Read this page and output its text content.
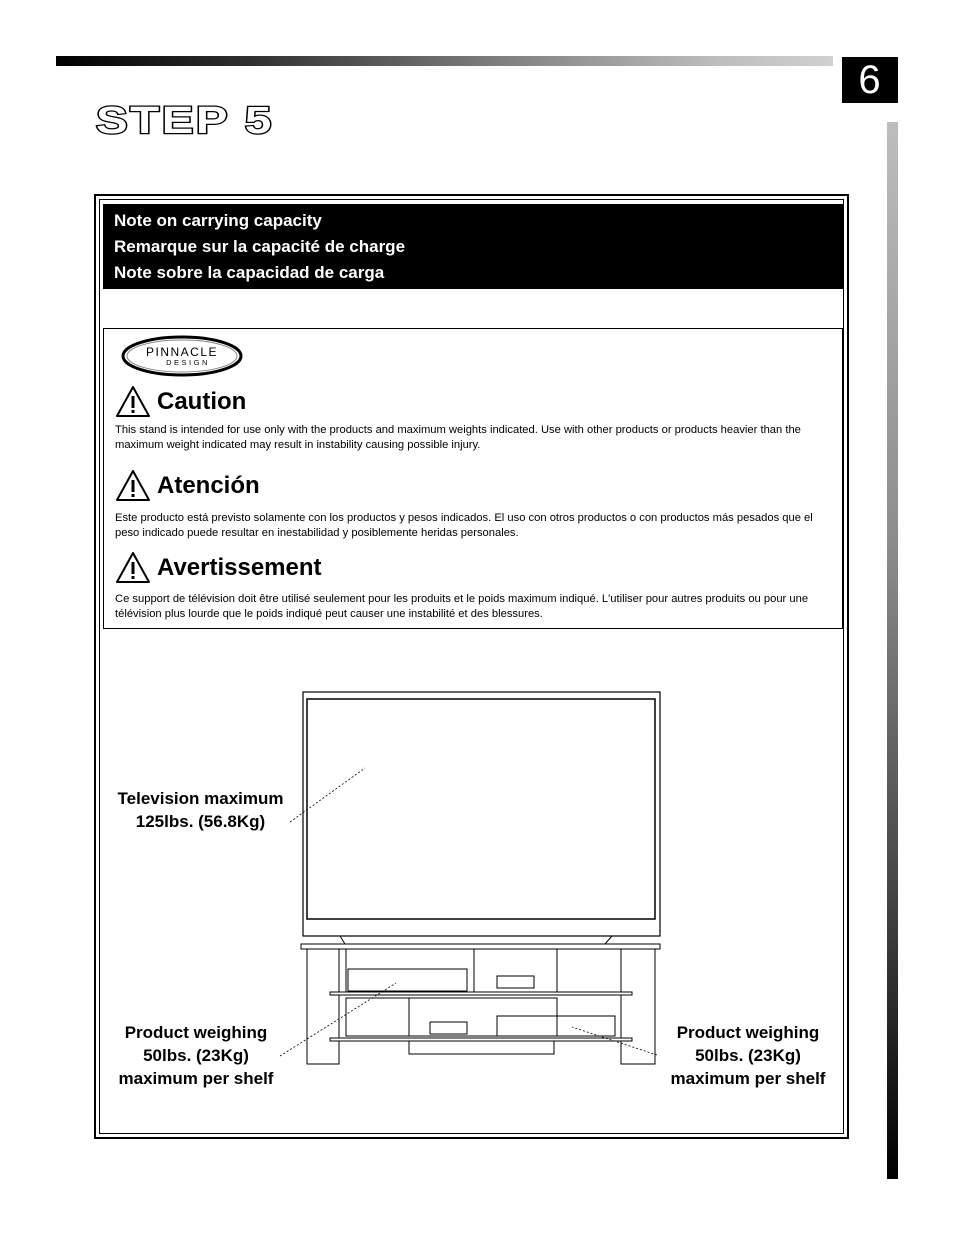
6
STEP 5
Note on carrying capacity
Remarque sur la capacité de charge
Note sobre la capacidad de carga
PINNACLE
DESIGN
Caution
This stand is intended for use only with the products and maximum weights indicated. Use with other products or products heavier than the maximum weight indicated may result in instability causing possible injury.
Atención
Este producto está previsto solamente con los productos y pesos indicados. El uso con otros productos o con productos más pesados que el peso indicado puede resultar en inestabilidad y posiblemente heridas personales.
Avertissement
Ce support de télévision doit être utilisé seulement pour les produits et le poids maximum indiqué. L'utiliser pour autres produits ou pour une télévision plus lourde que le poids indiqué peut causer une instabilité et des blessures.
Television maximum
125lbs. (56.8Kg)
Product weighing
50lbs. (23Kg)
maximum per shelf
Product weighing
50lbs. (23Kg)
maximum per shelf
